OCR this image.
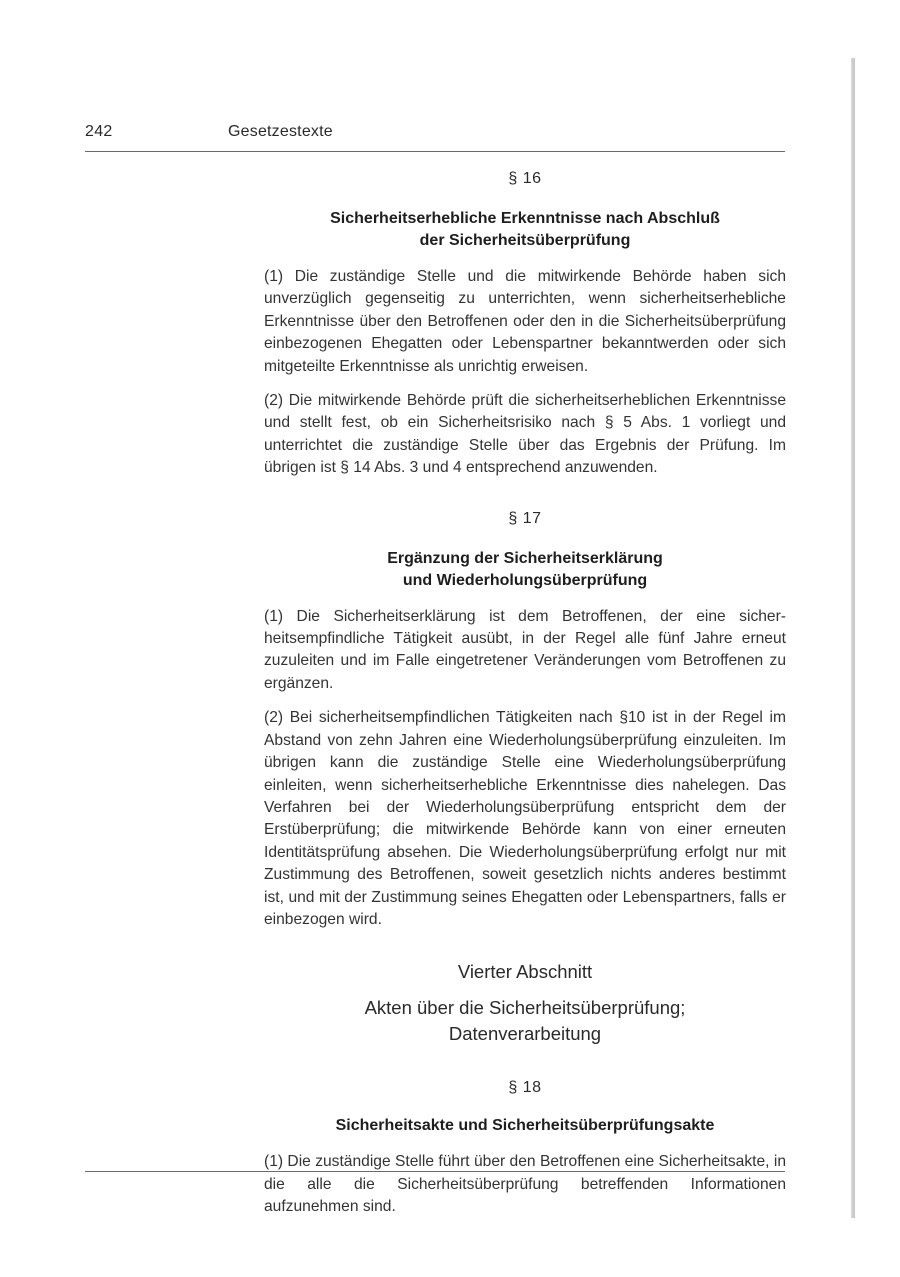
242	Gesetzestexte

§ 16

Sicherheitserhebliche Erkenntnisse nach Abschluß

der Sicherheitsüberprüfung

(1) Die zuständige Stelle und die mitwirkende Behörde haben sich unverzüglich gegenseitig zu unterrichten, wenn sicherheitserhebliche Erkenntnisse über den Betroffenen oder den in die Sicherheitsüberprüfung einbezogenen Ehegatten oder Lebenspartner bekanntwerden oder sich mitgeteilte Erkenntnisse als unrichtig erweisen.

(2) Die mitwirkende Behörde prüft die sicherheitserheblichen Erkenntnisse und stellt fest, ob ein Sicherheitsrisiko nach § 5 Abs. 1 vorliegt und unterrichtet die zuständige Stelle über das Ergebnis der Prüfung. Im übrigen ist § 14 Abs. 3 und 4 entsprechend anzuwenden.

§ 17

Ergänzung der Sicherheitserklärung

und Wiederholungsüberprüfung

(1) Die Sicherheitserklärung ist dem Betroffenen, der eine sicherheitsempfindliche Tätigkeit ausübt, in der Regel alle fünf Jahre erneut zuzuleiten und im Falle eingetretener Veränderungen vom Betroffenen zu ergänzen.

(2) Bei sicherheitsempfindlichen Tätigkeiten nach §10 ist in der Regel im Abstand von zehn Jahren eine Wiederholungsüberprüfung einzuleiten. Im übrigen kann die zuständige Stelle eine Wiederholungsüberprüfung einleiten, wenn sicherheitserhebliche Erkenntnisse dies nahelegen. Das Verfahren bei der Wiederholungsüberprüfung entspricht dem der Erstüberprüfung; die mitwirkende Behörde kann von einer erneuten Identitätsprüfung absehen. Die Wiederholungsüberprüfung erfolgt nur mit Zustimmung des Betroffenen, soweit gesetzlich nichts anderes bestimmt ist, und mit der Zustimmung seines Ehegatten oder Lebenspartners, falls er einbezogen wird.

Vierter Abschnitt

Akten über die Sicherheitsüberprüfung;

Datenverarbeitung

§ 18

Sicherheitsakte und Sicherheitsüberprüfungsakte

(1) Die zuständige Stelle führt über den Betroffenen eine Sicherheitsakte, in die alle die Sicherheitsüberprüfung betreffenden Informationen aufzunehmen sind.
